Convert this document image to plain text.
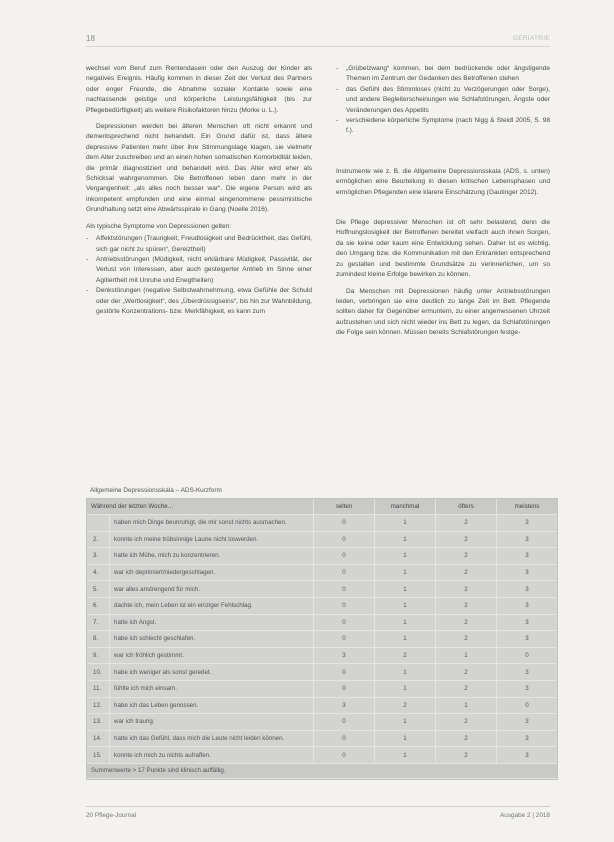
18	GERIATRIE

wechsel vom Beruf zum Rentendasein oder den Auszug der Kinder als negatives Ereignis. Häufig kommen in dieser Zeit der Verlust des Partners oder enger Freunde, die Abnahme sozialer Kontakte sowie eine nachlassende geistige und körperliche Leistungsfähigkeit (bis zur Pflegebedürftigkeit) als weitere Risikofaktoren hinzu (Morke u. L.).

Depressionen werden bei älteren Menschen oft nicht erkannt und dementsprechend nicht behandelt. Ein Grund dafür ist, dass ältere depressive Patienten mehr über ihre Stimmungslage klagen, sie vielmehr dem Alter zuschreiben und an einen hohen somatischen Komorbidität leiden, die primär diagnostiziert und behandelt wird. Das Alter wird eher als Schicksal wahrgenommen. Die Betroffenen leben dann mehr in der Vergangenheit: „als alles noch besser war“. Die eigene Person wird als inkompetent empfunden und eine einmal eingenommene pessimistische Grundhaltung setzt eine Abwärtsspirale in Gang (Noelle 2016).

Als typische Symptome von Depressionen gelten:

- Affektstörungen (Traurigkeit, Freudlosigkeit und Bedrücktheit, das Gefühl, sich gar nicht zu spüren“, Gereiztheit)
- Antriebsstörungen (Müdigkeit, nicht erklärbare Müdigkeit, Passivität, der Verlust von Interessen, aber auch gesteigerter Antrieb im Sinne einer Agitiertheit mit Unruhe und Enegtheiten)
- Denkstörungen (negative Selbstwahrnehmung, etwa Gefühle der Schuld oder der „Wertlosigkeit“, des „Überdrüssigseins“, bis hin zur Wahnbildung, gestörte Konzentrations- bzw. Merkfähigkeit, es kann zum
- „Grübelzwang“ kommen, bei dem bedrückende oder ängstigende Themen im Zentrum der Gedanken des Betroffenen stehen
- das Gefühl des Stimmloses (nicht zu Verzögerungen oder Sorge), und andere Begleiterscheinungen wie Schlafstörungen, Ängste oder Veränderungen des Appetits
- verschiedene körperliche Symptome (nach Nigg & Steidl 2005, S. 98 f.).

Instrumente wie z. B. die Allgemeine Depressionsskala (ADS, s. unten) ermöglichen eine Beurteilung in diesen kritischen Lebensphasen und ermöglichen Pflegenden eine klarere Einschätzung (Gautinger 2012).

Die Pflege depressiver Menschen ist oft sehr belastend, denn die Hoffnungslosigkeit der Betroffenen bereitet vielfach auch ihnen Sorgen, da sie keine oder kaum eine Entwicklung sehen. Daher ist es wichtig, den Umgang bzw. die Kommunikation mit den Erkrankten entsprechend zu gestalten und bestimmte Grundsätze zu verinnerlichen, um so zumindest kleine Erfolge bewirken zu können.

Da Menschen mit Depressionen häufig unter Antriebsstörungen leiden, verbringen sie eine deutlich zu lange Zeit im Bett. Pflegende sollten daher für Gegenüber ermuntern, zu einer angemessenen Uhrzeit aufzustehen und sich nicht wieder ins Bett zu legen, da Schlafstörungen die Folge sein können. Müssen bereits Schlafstörungen festge-

Allgemeine Depressionsskala – ADS-Kurzform
Während der letzten Woche…		selten	manchmal	öfters	meistens
	haben mich Dinge beunruhigt, die mir sonst nichts ausmachen.	0	1	2	3
2.	konnte ich meine trübsinnige Laune nicht loswerden.	0	1	2	3
3.	hatte ich Mühe, mich zu konzentrieren.	0	1	2	3
4.	war ich deprimiert/niedergeschlagen.	0	1	2	3
5.	war alles anstrengend für mich.	0	1	2	3
6.	dachte ich, mein Leben ist ein einziger Fehlschlag.	0	1	2	3
7.	hatte ich Angst.	0	1	2	3
8.	habe ich schlecht geschlafen.	0	1	2	3
9.	war ich fröhlich gestimmt.	3	2	1	0
10.	habe ich weniger als sonst geredet.	0	1	2	3
11.	fühlte ich mich einsam.	0	1	2	3
12.	habe ich das Leben genossen.	3	2	1	0
13.	war ich traurig.	0	1	2	3
14.	hatte ich das Gefühl, dass mich die Leute nicht leiden können.	0	1	2	3
15.	konnte ich mich zu nichts aufraffen.	0	1	2	3
Summenwerte > 17 Punkte sind klinisch auffällig.					
20 Pflege-Journal	Ausgabe 2 | 2018
